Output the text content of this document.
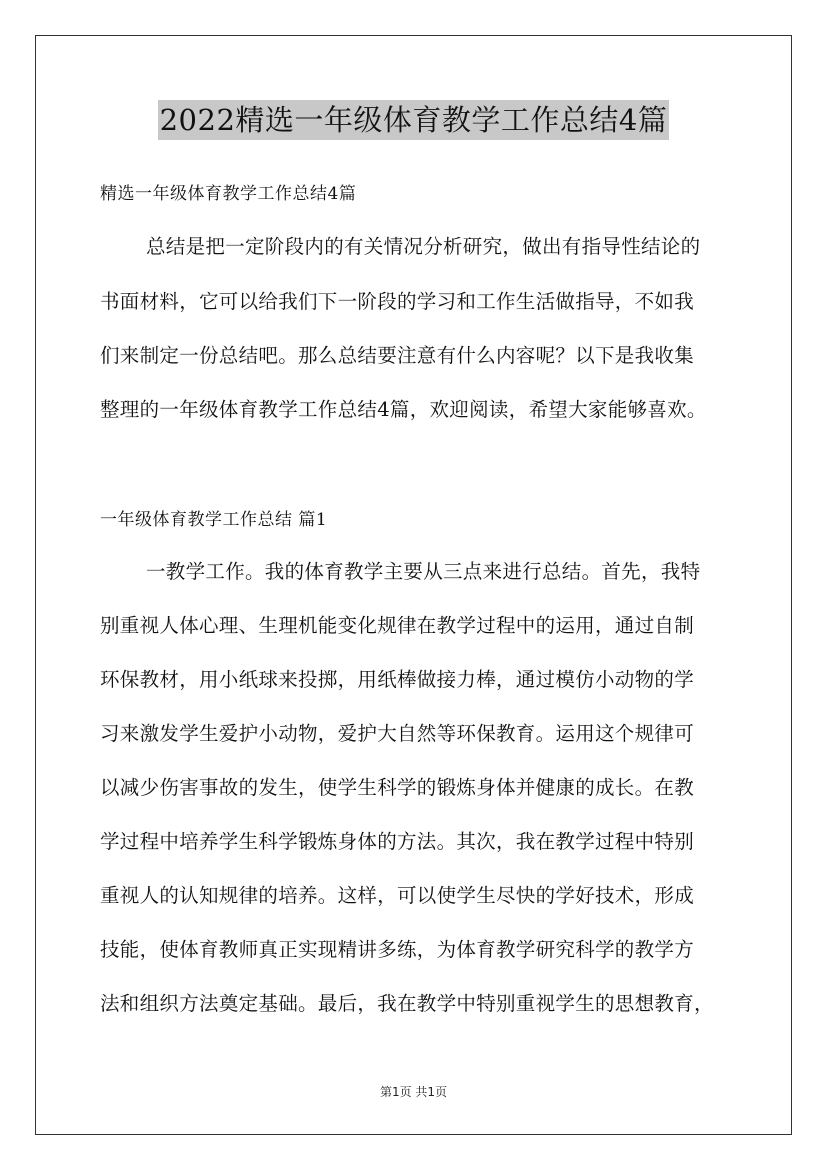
2022精选一年级体育教学工作总结4篇
精选一年级体育教学工作总结4篇
总结是把一定阶段内的有关情况分析研究，做出有指导性结论的
书面材料，它可以给我们下一阶段的学习和工作生活做指导，不如我
们来制定一份总结吧。那么总结要注意有什么内容呢？以下是我收集
整理的一年级体育教学工作总结4篇，欢迎阅读，希望大家能够喜欢。
一年级体育教学工作总结 篇1
一教学工作。我的体育教学主要从三点来进行总结。首先，我特
别重视人体心理、生理机能变化规律在教学过程中的运用，通过自制
环保教材，用小纸球来投掷，用纸棒做接力棒，通过模仿小动物的学
习来激发学生爱护小动物，爱护大自然等环保教育。运用这个规律可
以减少伤害事故的发生，使学生科学的锻炼身体并健康的成长。在教
学过程中培养学生科学锻炼身体的方法。其次，我在教学过程中特别
重视人的认知规律的培养。这样，可以使学生尽快的学好技术，形成
技能，使体育教师真正实现精讲多练，为体育教学研究科学的教学方
法和组织方法奠定基础。最后，我在教学中特别重视学生的思想教育，
第1页 共1页
